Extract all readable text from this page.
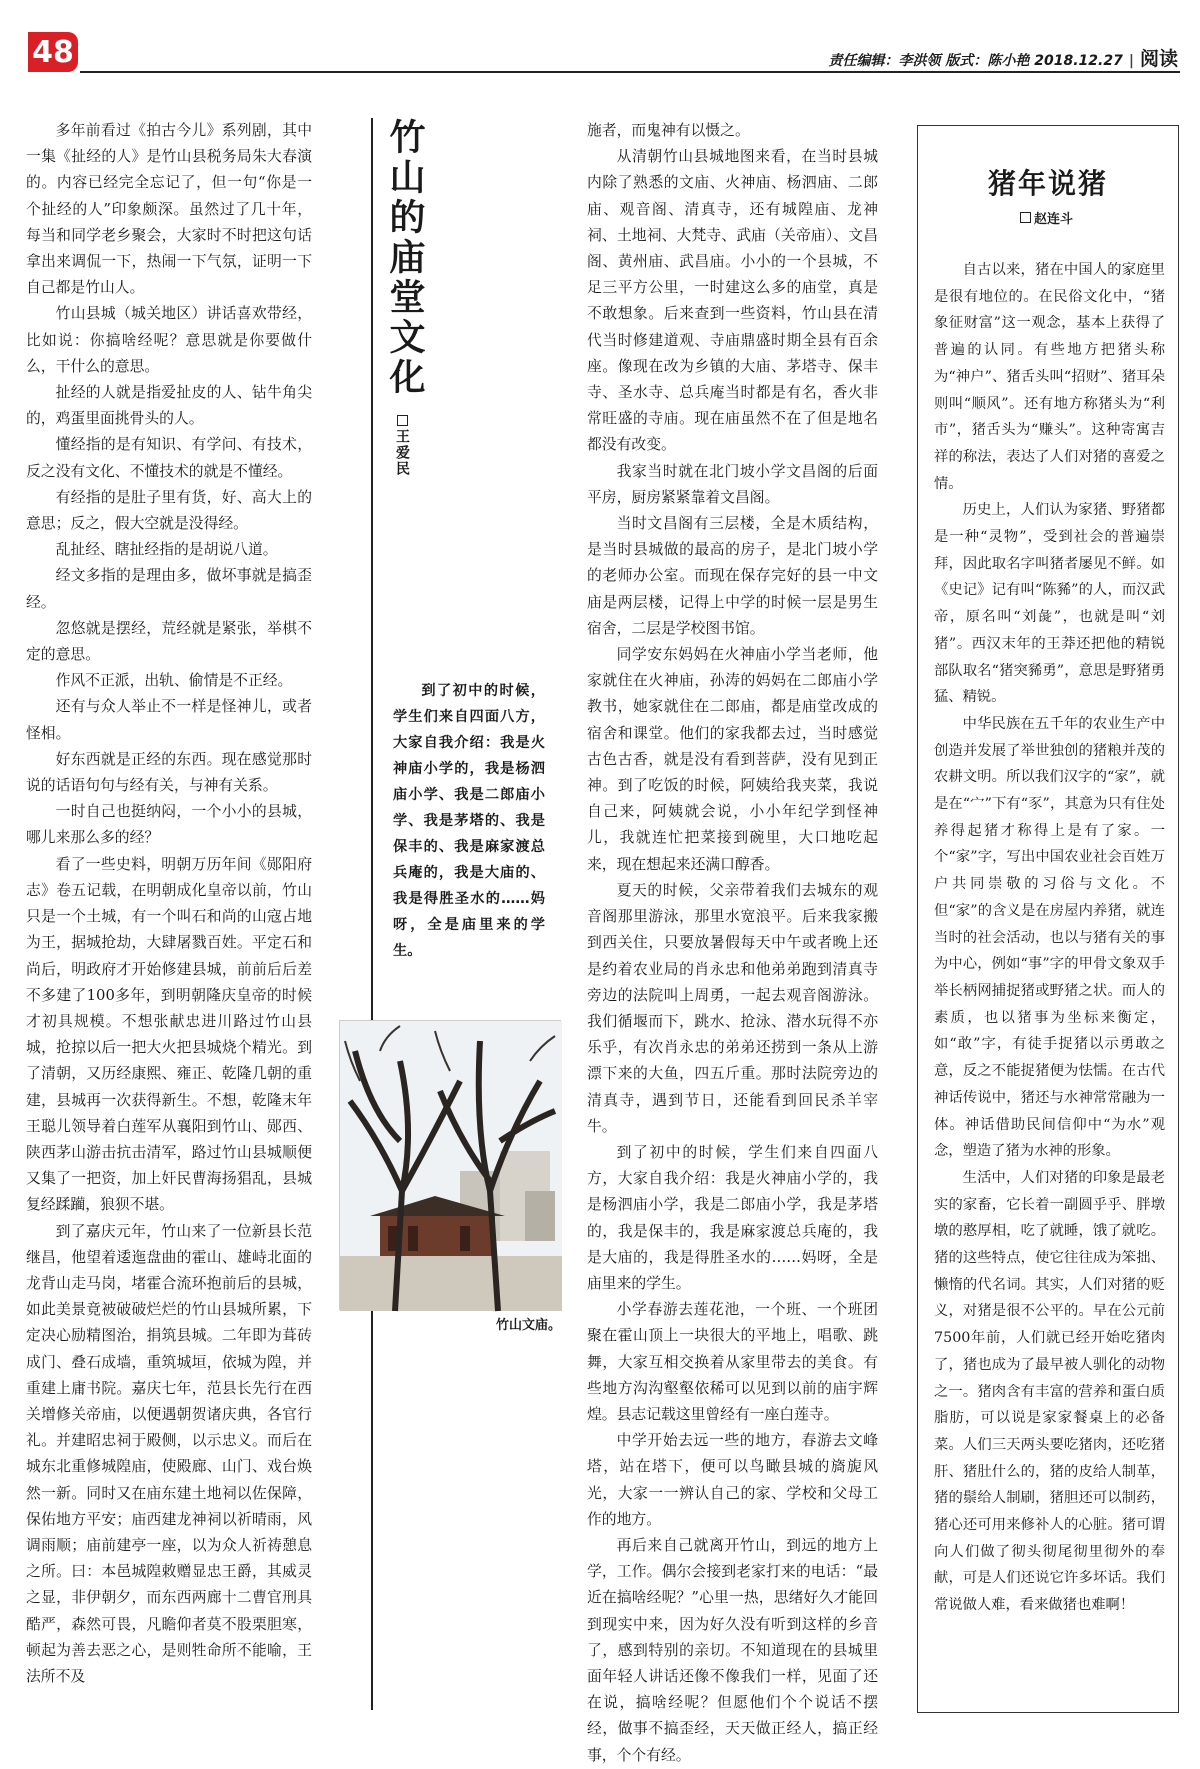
48	责任编辑：李洪领 版式：陈小艳 2018.12.27 | 阅读

多年前看过《拍古今儿》系列剧，其中一集《扯经的人》是竹山县税务局朱大春演的。内容已经完全忘记了，但一句“你是一个扯经的人”印象颇深。虽然过了几十年，每当和同学老乡聚会，大家时不时把这句话拿出来调侃一下，热闹一下气氛，证明一下自己都是竹山人。

竹山县城（城关地区）讲话喜欢带经，比如说：你搞啥经呢？意思就是你要做什么，干什么的意思。

扯经的人就是指爱扯皮的人、钻牛角尖的，鸡蛋里面挑骨头的人。

懂经指的是有知识、有学问、有技术，反之没有文化、不懂技术的就是不懂经。

有经指的是肚子里有货，好、高大上的意思；反之，假大空就是没得经。

乱扯经、瞎扯经指的是胡说八道。

经文多指的是理由多，做坏事就是搞歪经。

忽悠就是摆经，荒经就是紧张，举棋不定的意思。

作风不正派，出轨、偷情是不正经。

还有与众人举止不一样是怪神儿，或者怪相。

好东西就是正经的东西。现在感觉那时说的话语句句与经有关，与神有关系。

一时自己也挺纳闷，一个小小的县城，哪儿来那么多的经？

看了一些史料，明朝万历年间《郧阳府志》卷五记载，在明朝成化皇帝以前，竹山只是一个土城，有一个叫石和尚的山寇占地为王，据城抢劫，大肆屠戮百姓。平定石和尚后，明政府才开始修建县城，前前后后差不多建了100多年，到明朝隆庆皇帝的时候才初具规模。不想张献忠进川路过竹山县城，抢掠以后一把大火把县城烧个精光。到了清朝，又历经康熙、雍正、乾隆几朝的重建，县城再一次获得新生。不想，乾隆末年王聪儿领导着白莲军从襄阳到竹山、郧西、陕西茅山游击抗击清军，路过竹山县城顺便又集了一把资，加上奸民曹海扬猖乱，县城复经蹂躏，狼狈不堪。

到了嘉庆元年，竹山来了一位新县长范继昌，他望着逶迤盘曲的霍山、雄峙北面的龙背山走马岗，堵霍合流环抱前后的县城，如此美景竟被破破烂烂的竹山县城所累，下定决心励精图治，捐筑县城。二年即为葺砖成门、叠石成墙，重筑城垣，依城为隍，并重建上庸书院。嘉庆七年，范县长先行在西关增修关帝庙，以便遇朝贺诸庆典，各官行礼。并建昭忠祠于殿侧，以示忠义。而后在城东北重修城隍庙，使殿廊、山门、戏台焕然一新。同时又在庙东建土地祠以佐保障，保佑地方平安；庙西建龙神祠以祈晴雨，风调雨顺；庙前建亭一座，以为众人祈祷憩息之所。曰：本邑城隍敕赠显忠王爵，其威灵之显，非伊朝夕，而东西两廊十二曹官刑具酷严，森然可畏，凡瞻仰者莫不股栗胆寒，顿起为善去恶之心，是则牲命所不能喻，王法所不及

竹山的庙堂文化
王爱民

到了初中的时候，学生们来自四面八方，大家自我介绍：我是火神庙小学的，我是杨泗庙小学、我是二郎庙小学、我是茅塔的、我是保丰的、我是麻家渡总兵庵的，我是大庙的、我是得胜圣水的……妈呀，全是庙里来的学生。

竹山文庙。

施者，而鬼神有以慑之。

从清朝竹山县城地图来看，在当时县城内除了熟悉的文庙、火神庙、杨泗庙、二郎庙、观音阁、清真寺，还有城隍庙、龙神祠、土地祠、大梵寺、武庙（关帝庙）、文昌阁、黄州庙、武昌庙。小小的一个县城，不足三平方公里，一时建这么多的庙堂，真是不敢想象。后来查到一些资料，竹山县在清代当时修建道观、寺庙鼎盛时期全县有百余座。像现在改为乡镇的大庙、茅塔寺、保丰寺、圣水寺、总兵庵当时都是有名，香火非常旺盛的寺庙。现在庙虽然不在了但是地名都没有改变。

我家当时就在北门坡小学文昌阁的后面平房，厨房紧紧靠着文昌阁。

当时文昌阁有三层楼，全是木质结构，是当时县城做的最高的房子，是北门坡小学的老师办公室。而现在保存完好的县一中文庙是两层楼，记得上中学的时候一层是男生宿舍，二层是学校图书馆。

同学安东妈妈在火神庙小学当老师，他家就住在火神庙，孙涛的妈妈在二郎庙小学教书，她家就住在二郎庙，都是庙堂改成的宿舍和课堂。他们的家我都去过，当时感觉古色古香，就是没有看到菩萨，没有见到正神。到了吃饭的时候，阿姨给我夹菜，我说自己来，阿姨就会说，小小年纪学到怪神儿，我就连忙把菜接到碗里，大口地吃起来，现在想起来还满口醇香。

夏天的时候，父亲带着我们去城东的观音阁那里游泳，那里水宽浪平。后来我家搬到西关住，只要放暑假每天中午或者晚上还是约着农业局的肖永忠和他弟弟跑到清真寺旁边的法院叫上周勇，一起去观音阁游泳。我们循堰而下，跳水、抢泳、潜水玩得不亦乐乎，有次肖永忠的弟弟还捞到一条从上游漂下来的大鱼，四五斤重。那时法院旁边的清真寺，遇到节日，还能看到回民杀羊宰牛。

到了初中的时候，学生们来自四面八方，大家自我介绍：我是火神庙小学的，我是杨泗庙小学，我是二郎庙小学，我是茅塔的，我是保丰的，我是麻家渡总兵庵的，我是大庙的，我是得胜圣水的……妈呀，全是庙里来的学生。

小学春游去莲花池，一个班、一个班团聚在霍山顶上一块很大的平地上，唱歌、跳舞，大家互相交换着从家里带去的美食。有些地方沟沟壑壑依稀可以见到以前的庙宇辉煌。县志记载这里曾经有一座白莲寺。

中学开始去远一些的地方，春游去文峰塔，站在塔下，便可以鸟瞰县城的旖旎风光，大家一一辨认自己的家、学校和父母工作的地方。

再后来自己就离开竹山，到远的地方上学，工作。偶尔会接到老家打来的电话：“最近在搞啥经呢？”心里一热，思绪好久才能回到现实中来，因为好久没有听到这样的乡音了，感到特别的亲切。不知道现在的县城里面年轻人讲话还像不像我们一样，见面了还在说，搞啥经呢？但愿他们个个说话不摆经，做事不搞歪经，天天做正经人，搞正经事，个个有经。

猪年说猪
赵连斗

自古以来，猪在中国人的家庭里是很有地位的。在民俗文化中，“猪象征财富”这一观念，基本上获得了普遍的认同。有些地方把猪头称为“神户”、猪舌头叫“招财”、猪耳朵则叫“顺风”。还有地方称猪头为“利市”，猪舌头为“赚头”。这种寄寓吉祥的称法，表达了人们对猪的喜爱之情。

历史上，人们认为家猪、野猪都是一种“灵物”，受到社会的普遍崇拜，因此取名字叫猪者屡见不鲜。如《史记》记有叫“陈豨”的人，而汉武帝，原名叫“刘彘”，也就是叫“刘猪”。西汉末年的王莽还把他的精锐部队取名“猪突豨勇”，意思是野猪勇猛、精锐。

中华民族在五千年的农业生产中创造并发展了举世独创的猪粮并茂的农耕文明。所以我们汉字的“家”，就是在“宀”下有“豕”，其意为只有住处养得起猪才称得上是有了家。一个“家”字，写出中国农业社会百姓万户共同崇敬的习俗与文化。不但“家”的含义是在房屋内养猪，就连当时的社会活动，也以与猪有关的事为中心，例如“事”字的甲骨文象双手举长柄网捕捉猪或野猪之状。而人的素质，也以猪事为坐标来衡定，如“敢”字，有徒手捉猪以示勇敢之意，反之不能捉猪便为怯懦。在古代神话传说中，猪还与水神常常融为一体。神话借助民间信仰中“为水”观念，塑造了猪为水神的形象。

生活中，人们对猪的印象是最老实的家畜，它长着一副圆乎乎、胖墩墩的憨厚相，吃了就睡，饿了就吃。猪的这些特点，使它往往成为笨拙、懒惰的代名词。其实，人们对猪的贬义，对猪是很不公平的。早在公元前7500年前，人们就已经开始吃猪肉了，猪也成为了最早被人驯化的动物之一。猪肉含有丰富的营养和蛋白质脂肪，可以说是家家餐桌上的必备菜。人们三天两头要吃猪肉，还吃猪肝、猪肚什么的，猪的皮给人制革，猪的鬃给人制刷，猪胆还可以制药，猪心还可用来修补人的心脏。猪可谓向人们做了彻头彻尾彻里彻外的奉献，可是人们还说它许多坏话。我们常说做人难，看来做猪也难啊！
